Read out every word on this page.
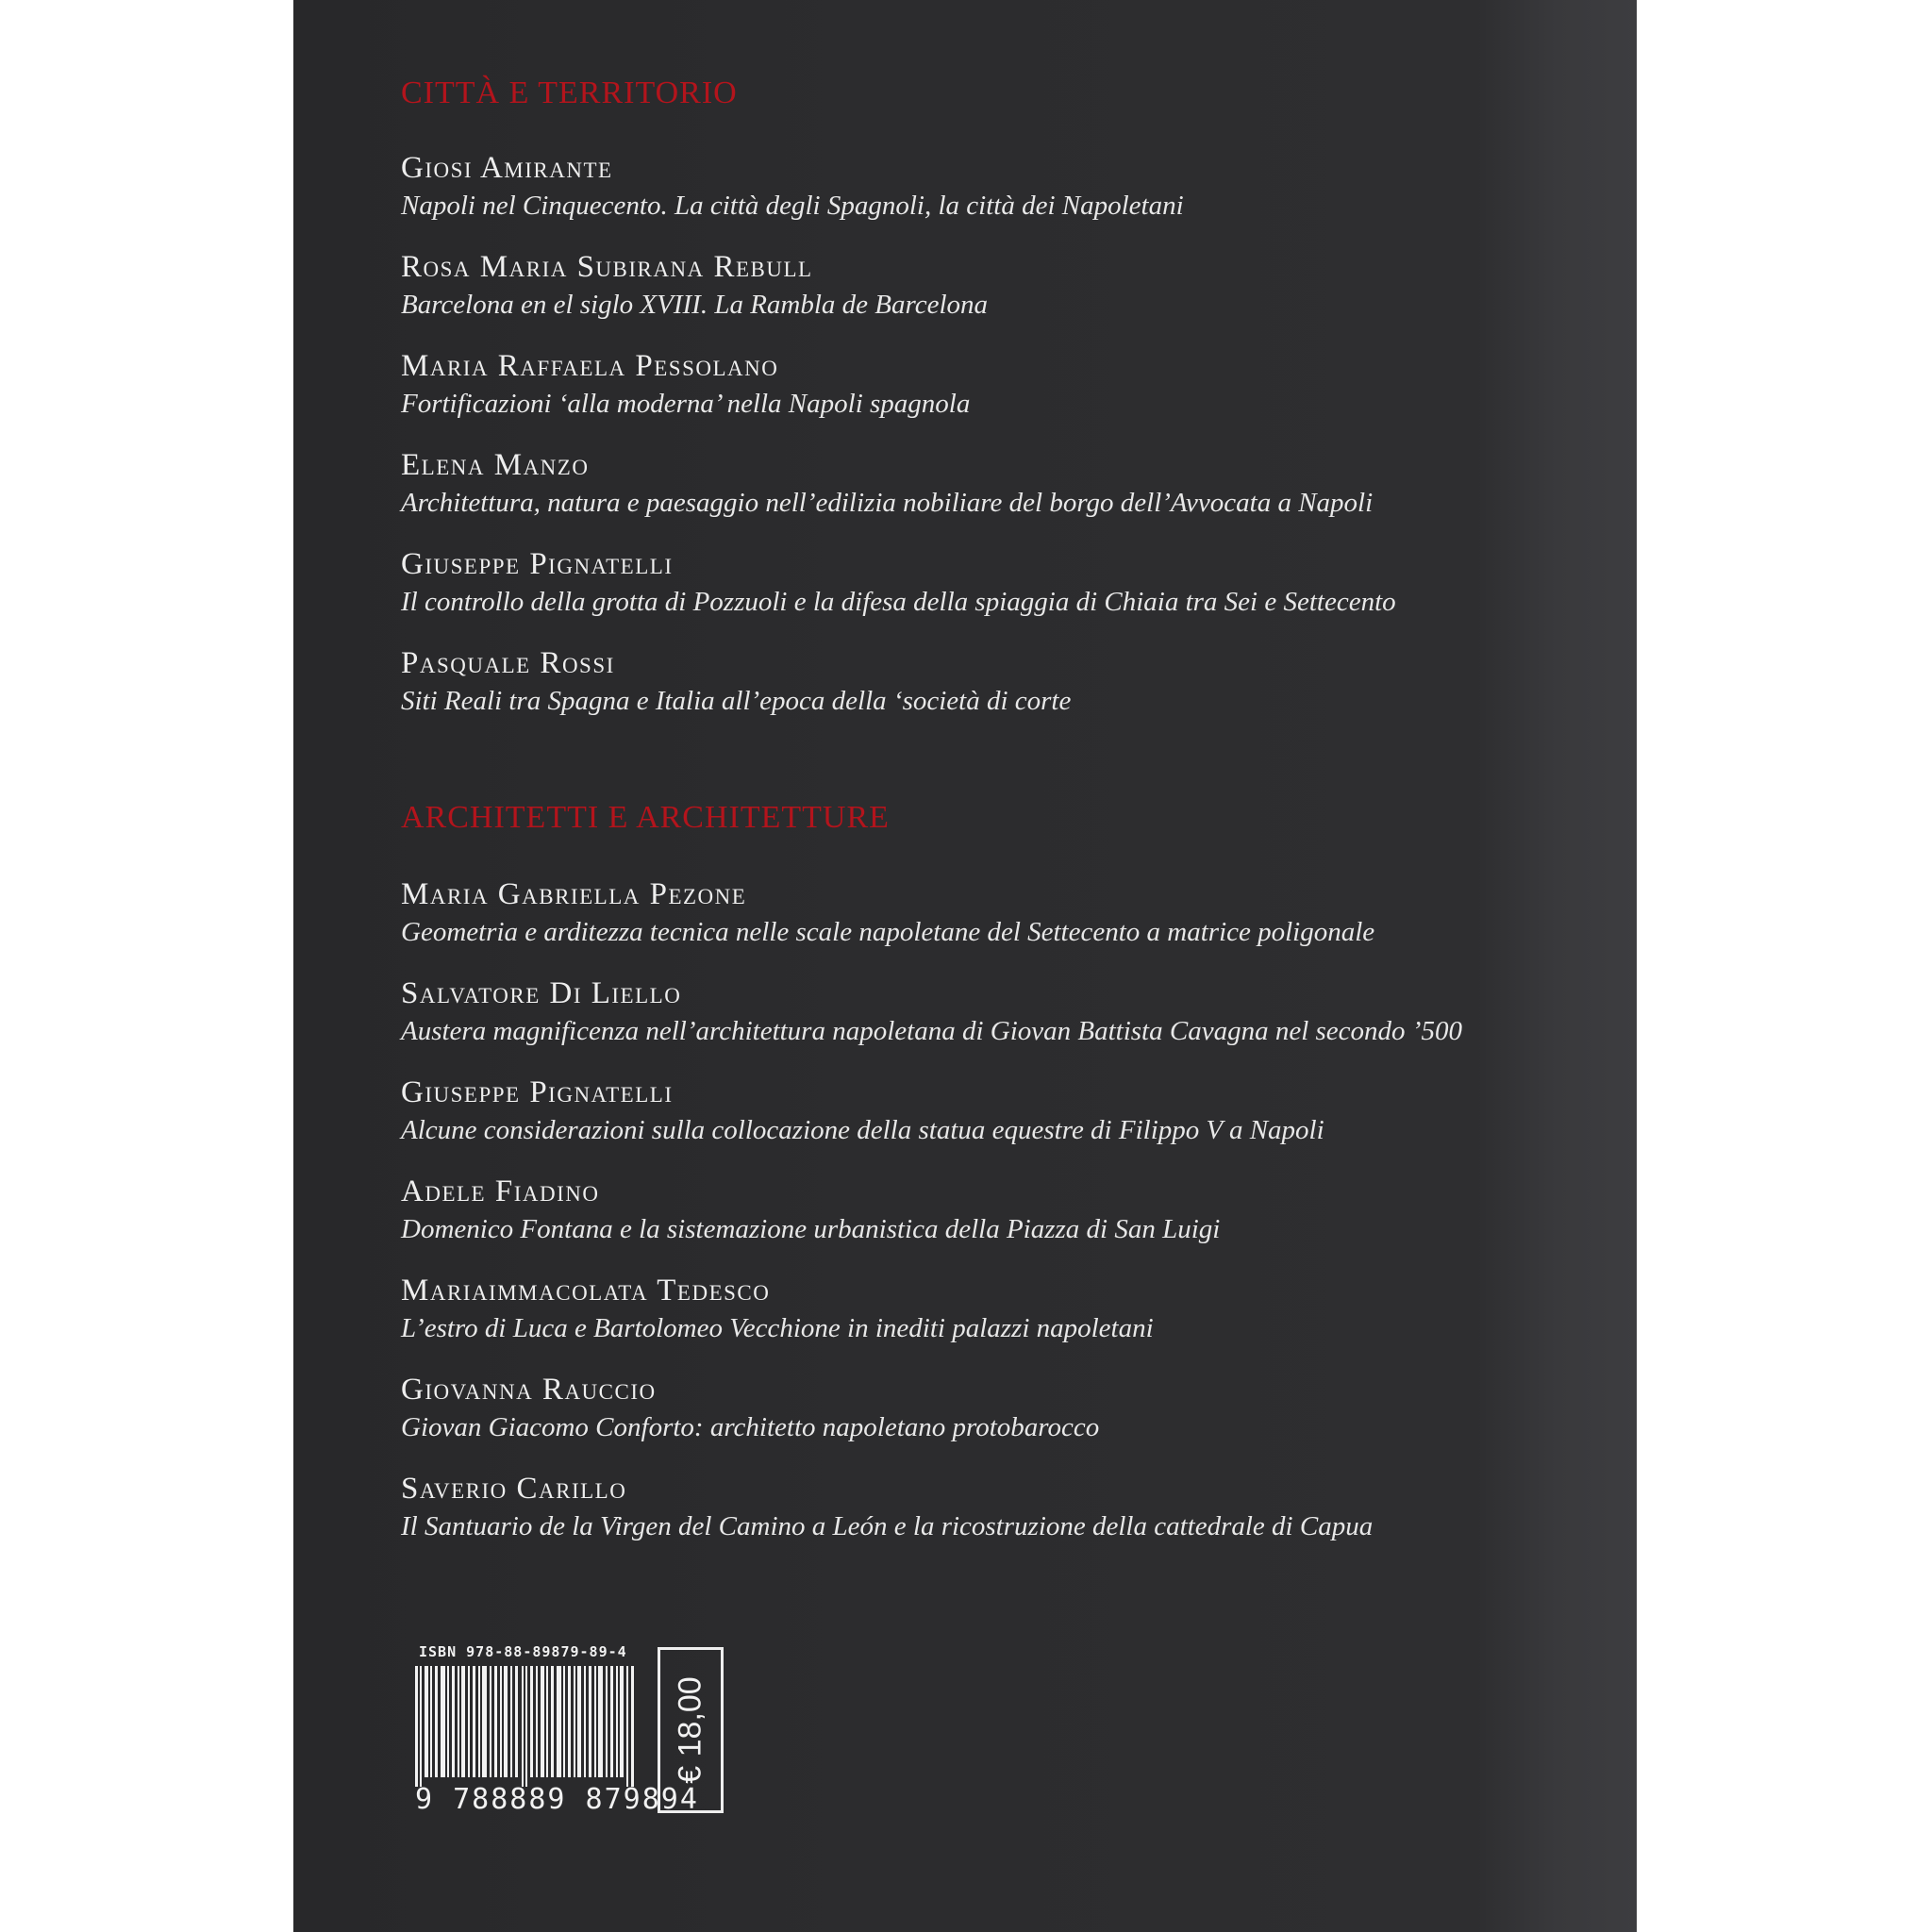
CITTÀ E TERRITORIO
Giosi Amirante
Napoli nel Cinquecento. La città degli Spagnoli, la città dei Napoletani
Rosa Maria Subirana Rebull
Barcelona en el siglo XVIII. La Rambla de Barcelona
Maria Raffaela Pessolano
Fortificazioni ‘alla moderna’ nella Napoli spagnola
Elena Manzo
Architettura, natura e paesaggio nell’edilizia nobiliare del borgo dell’Avvocata a Napoli
Giuseppe Pignatelli
Il controllo della grotta di Pozzuoli e la difesa della spiaggia di Chiaia tra Sei e Settecento
Pasquale Rossi
Siti Reali tra Spagna e Italia all’epoca della ‘società di corte
ARCHITETTI E ARCHITETTURE
Maria Gabriella Pezone
Geometria e arditezza tecnica nelle scale napoletane del Settecento a matrice poligonale
Salvatore Di Liello
Austera magnificenza nell’architettura napoletana di Giovan Battista Cavagna nel secondo ’500
Giuseppe Pignatelli
Alcune considerazioni sulla collocazione della statua equestre di Filippo V a Napoli
Adele Fiadino
Domenico Fontana e la sistemazione urbanistica della Piazza di San Luigi
Mariaimmacolata Tedesco
L’estro di Luca e Bartolomeo Vecchione in inediti palazzi napoletani
Giovanna Rauccio
Giovan Giacomo Conforto: architetto napoletano protobarocco
Saverio Carillo
Il Santuario de la Virgen del Camino a León e la ricostruzione della cattedrale di Capua
ISBN 978-88-89879-89-4
9 788889 879894
€ 18,00
